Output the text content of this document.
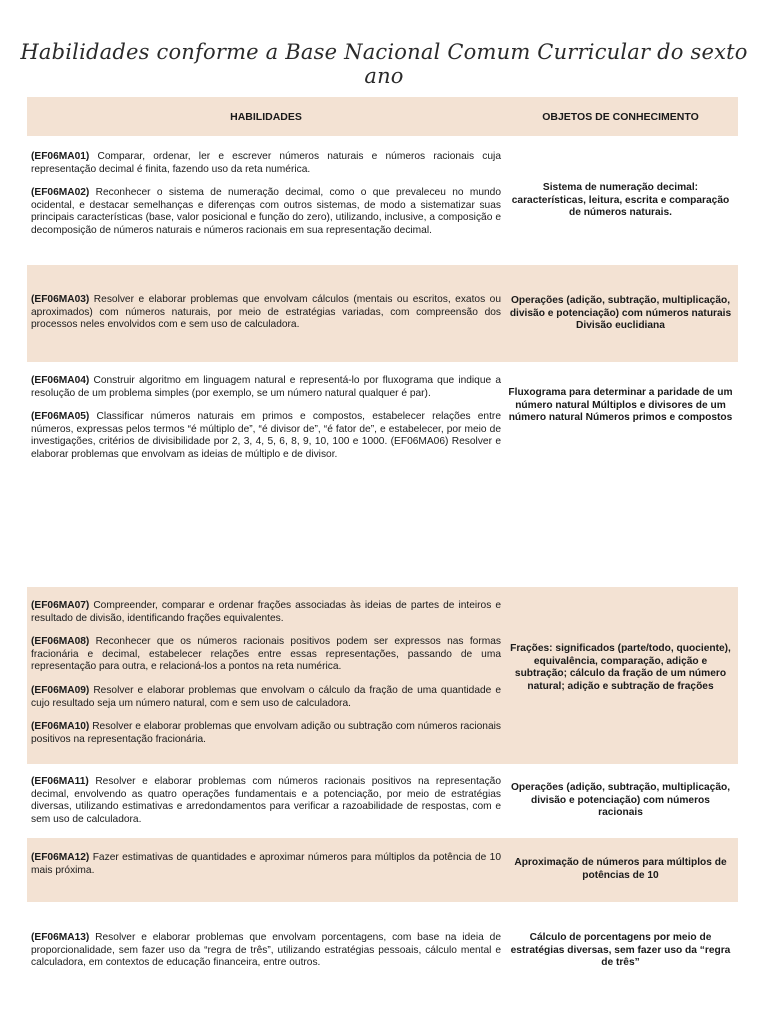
Habilidades conforme a Base Nacional Comum Curricular do sexto ano
HABILIDADES	OBJETOS DE CONHECIMENTO

(EF06MA01) Comparar, ordenar, ler e escrever números naturais e números racionais cuja representação decimal é finita, fazendo uso da reta numérica.

(EF06MA02) Reconhecer o sistema de numeração decimal, como o que prevaleceu no mundo ocidental, e destacar semelhanças e diferenças com outros sistemas, de modo a sistematizar suas principais características (base, valor posicional e função do zero), utilizando, inclusive, a composição e decomposição de números naturais e números racionais em sua representação decimal.

Sistema de numeração decimal: características, leitura, escrita e comparação de números naturais.

(EF06MA03) Resolver e elaborar problemas que envolvam cálculos (mentais ou escritos, exatos ou aproximados) com números naturais, por meio de estratégias variadas, com compreensão dos processos neles envolvidos com e sem uso de calculadora.

Operações (adição, subtração, multiplicação, divisão e potenciação) com números naturais Divisão euclidiana

(EF06MA04) Construir algoritmo em linguagem natural e representá-lo por fluxograma que indique a resolução de um problema simples (por exemplo, se um número natural qualquer é par).

(EF06MA05) Classificar números naturais em primos e compostos, estabelecer relações entre números, expressas pelos termos “é múltiplo de”, “é divisor de”, “é fator de”, e estabelecer, por meio de investigações, critérios de divisibilidade por 2, 3, 4, 5, 6, 8, 9, 10, 100 e 1000. (EF06MA06) Resolver e elaborar problemas que envolvam as ideias de múltiplo e de divisor.

Fluxograma para determinar a paridade de um número natural Múltiplos e divisores de um número natural Números primos e compostos

(EF06MA07) Compreender, comparar e ordenar frações associadas às ideias de partes de inteiros e resultado de divisão, identificando frações equivalentes.

(EF06MA08) Reconhecer que os números racionais positivos podem ser expressos nas formas fracionária e decimal, estabelecer relações entre essas representações, passando de uma representação para outra, e relacioná-los a pontos na reta numérica.

(EF06MA09) Resolver e elaborar problemas que envolvam o cálculo da fração de uma quantidade e cujo resultado seja um número natural, com e sem uso de calculadora.

(EF06MA10) Resolver e elaborar problemas que envolvam adição ou subtração com números racionais positivos na representação fracionária.

Frações: significados (parte/todo, quociente), equivalência, comparação, adição e subtração; cálculo da fração de um número natural; adição e subtração de frações

(EF06MA11) Resolver e elaborar problemas com números racionais positivos na representação decimal, envolvendo as quatro operações fundamentais e a potenciação, por meio de estratégias diversas, utilizando estimativas e arredondamentos para verificar a razoabilidade de respostas, com e sem uso de calculadora.

Operações (adição, subtração, multiplicação, divisão e potenciação) com números racionais

(EF06MA12) Fazer estimativas de quantidades e aproximar números para múltiplos da potência de 10 mais próxima.

Aproximação de números para múltiplos de potências de 10

(EF06MA13) Resolver e elaborar problemas que envolvam porcentagens, com base na ideia de proporcionalidade, sem fazer uso da “regra de três”, utilizando estratégias pessoais, cálculo mental e calculadora, em contextos de educação financeira, entre outros.

Cálculo de porcentagens por meio de estratégias diversas, sem fazer uso da “regra de três”
